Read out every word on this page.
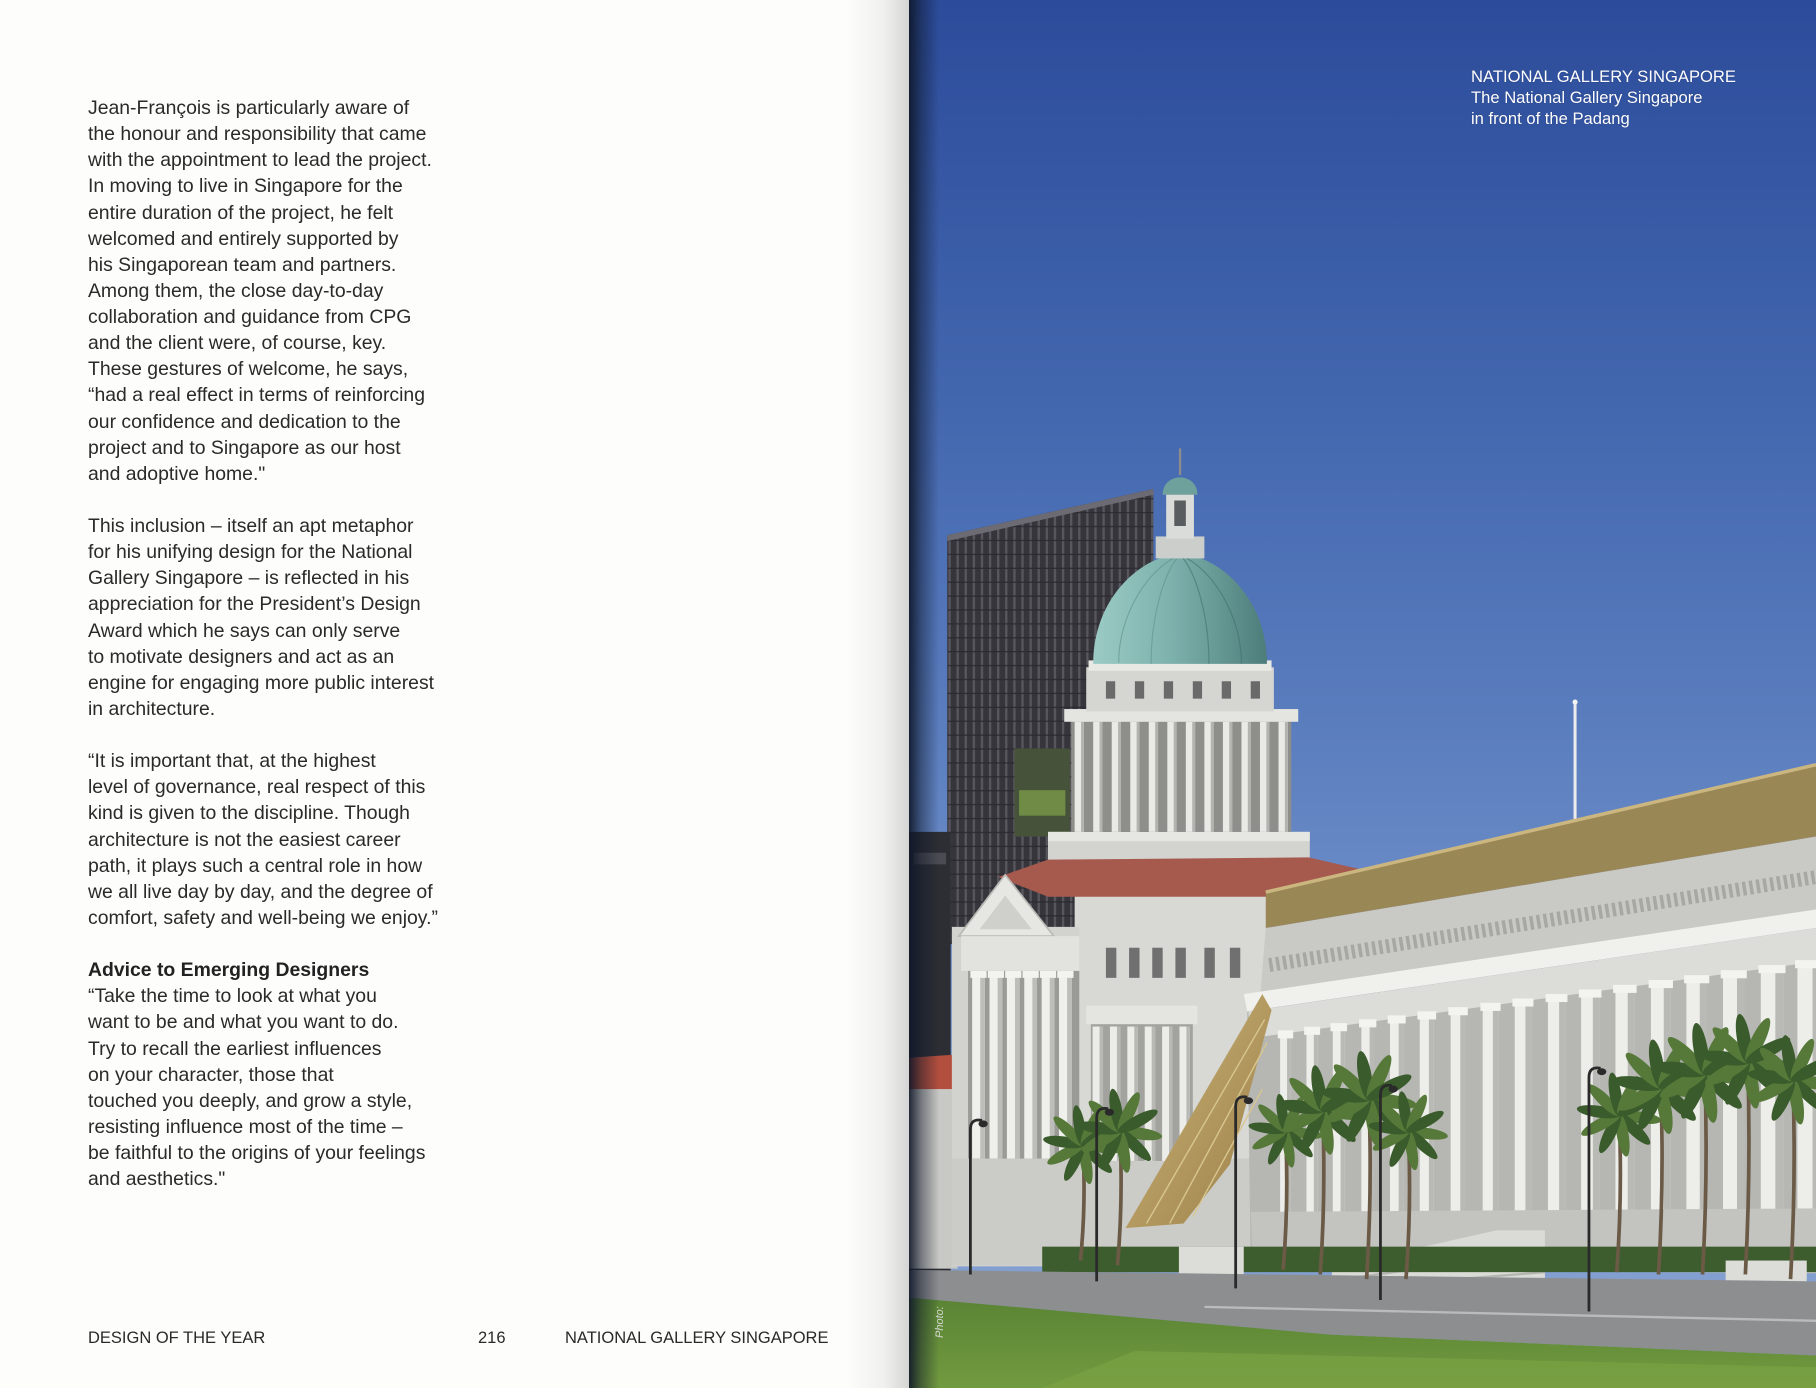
Jean-François is particularly aware of
the honour and responsibility that came
with the appointment to lead the project.
In moving to live in Singapore for the
entire duration of the project, he felt
welcomed and entirely supported by
his Singaporean team and partners.
Among them, the close day-to-day
collaboration and guidance from CPG
and the client were, of course, key.
These gestures of welcome, he says,
“had a real effect in terms of reinforcing
our confidence and dedication to the
project and to Singapore as our host
and adoptive home."
This inclusion – itself an apt metaphor
for his unifying design for the National
Gallery Singapore – is reflected in his
appreciation for the President’s Design
Award which he says can only serve
to motivate designers and act as an
engine for engaging more public interest
in architecture.
“It is important that, at the highest
level of governance, real respect of this
kind is given to the discipline. Though
architecture is not the easiest career
path, it plays such a central role in how
we all live day by day, and the degree of
comfort, safety and well-being we enjoy.”
Advice to Emerging Designers
“Take the time to look at what you
want to be and what you want to do.
Try to recall the earliest influences
on your character, those that
touched you deeply, and grow a style,
resisting influence most of the time –
be faithful to the origins of your feelings
and aesthetics."
DESIGN OF THE YEAR	216	NATIONAL GALLERY SINGAPORE
NATIONAL GALLERY SINGAPORE
The National Gallery Singapore
in front of the Padang
Photo:
